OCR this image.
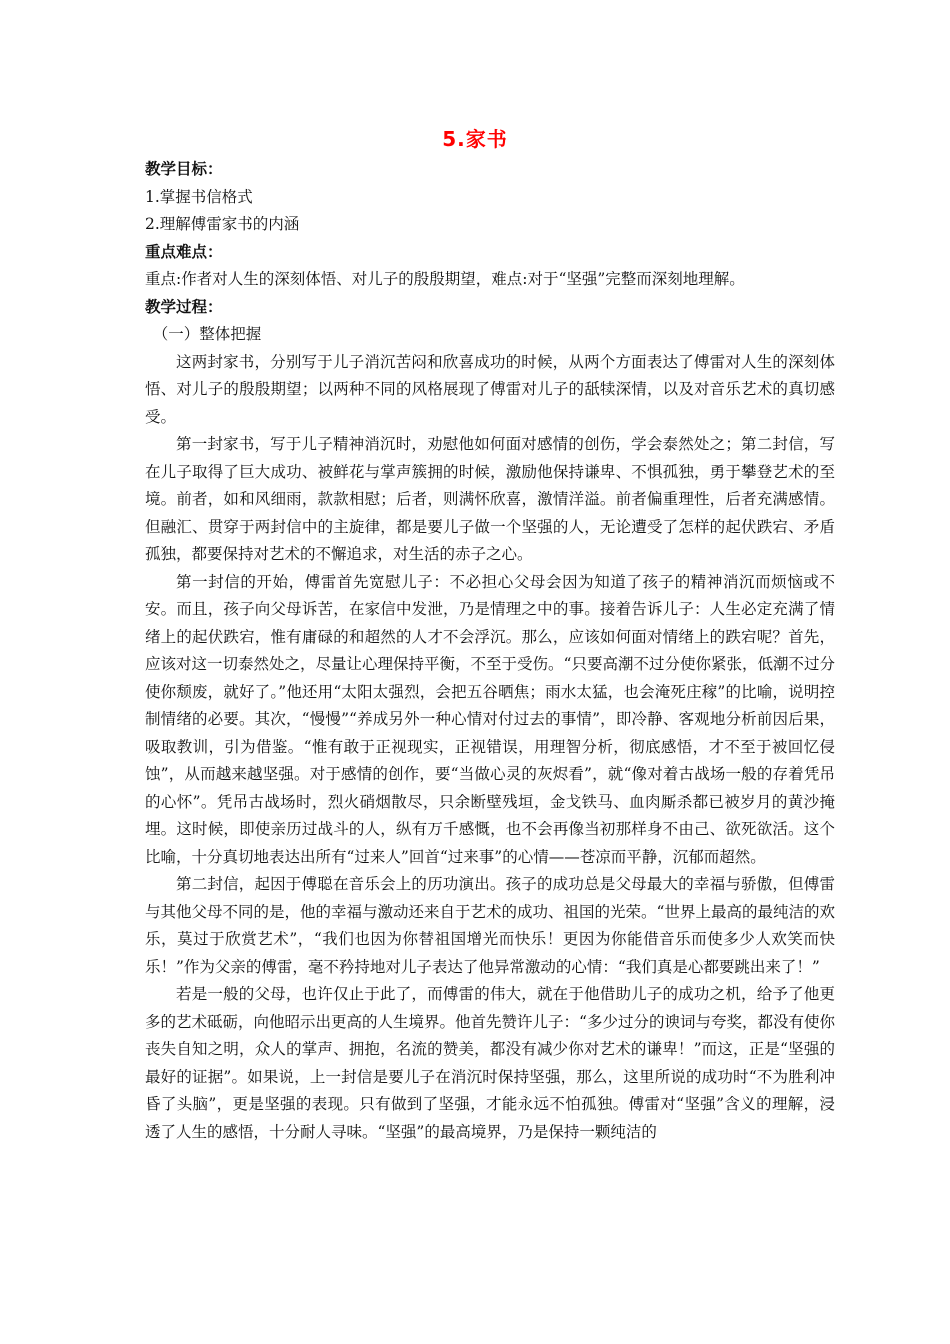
5.家书

教学目标：

1.掌握书信格式

2.理解傅雷家书的内涵

重点难点：

重点:作者对人生的深刻体悟、对儿子的殷殷期望，难点:对于“坚强”完整而深刻地理解。

教学过程：

（一）整体把握

这两封家书，分别写于儿子消沉苦闷和欣喜成功的时候，从两个方面表达了傅雷对人生的深刻体悟、对儿子的殷殷期望；以两种不同的风格展现了傅雷对儿子的舐犊深情，以及对音乐艺术的真切感受。

第一封家书，写于儿子精神消沉时，劝慰他如何面对感情的创伤，学会泰然处之；第二封信，写在儿子取得了巨大成功、被鲜花与掌声簇拥的时候，激励他保持谦卑、不惧孤独，勇于攀登艺术的至境。前者，如和风细雨，款款相慰；后者，则满怀欣喜，激情洋溢。前者偏重理性，后者充满感情。但融汇、贯穿于两封信中的主旋律，都是要儿子做一个坚强的人，无论遭受了怎样的起伏跌宕、矛盾孤独，都要保持对艺术的不懈追求，对生活的赤子之心。

第一封信的开始，傅雷首先宽慰儿子：不必担心父母会因为知道了孩子的精神消沉而烦恼或不安。而且，孩子向父母诉苦，在家信中发泄，乃是情理之中的事。接着告诉儿子：人生必定充满了情绪上的起伏跌宕，惟有庸碌的和超然的人才不会浮沉。那么，应该如何面对情绪上的跌宕呢？首先，应该对这一切泰然处之，尽量让心理保持平衡，不至于受伤。“只要高潮不过分使你紧张，低潮不过分使你颓废，就好了。”他还用“太阳太强烈，会把五谷晒焦；雨水太猛，也会淹死庄稼”的比喻，说明控制情绪的必要。其次，“慢慢”“养成另外一种心情对付过去的事情”，即冷静、客观地分析前因后果，吸取教训，引为借鉴。“惟有敢于正视现实，正视错误，用理智分析，彻底感悟，才不至于被回忆侵蚀”，从而越来越坚强。对于感情的创作，要“当做心灵的灰烬看”，就“像对着古战场一般的存着凭吊的心怀”。凭吊古战场时，烈火硝烟散尽，只余断壁残垣，金戈铁马、血肉厮杀都已被岁月的黄沙掩埋。这时候，即使亲历过战斗的人，纵有万千感慨，也不会再像当初那样身不由己、欲死欲活。这个比喻，十分真切地表达出所有“过来人”回首“过来事”的心情——苍凉而平静，沉郁而超然。

第二封信，起因于傅聪在音乐会上的历功演出。孩子的成功总是父母最大的幸福与骄傲，但傅雷与其他父母不同的是，他的幸福与激动还来自于艺术的成功、祖国的光荣。“世界上最高的最纯洁的欢乐，莫过于欣赏艺术”，“我们也因为你替祖国增光而快乐！更因为你能借音乐而使多少人欢笑而快乐！”作为父亲的傅雷，毫不矜持地对儿子表达了他异常激动的心情：“我们真是心都要跳出来了！”

若是一般的父母，也许仅止于此了，而傅雷的伟大，就在于他借助儿子的成功之机，给予了他更多的艺术砥砺，向他昭示出更高的人生境界。他首先赞许儿子：“多少过分的谀词与夸奖，都没有使你丧失自知之明，众人的掌声、拥抱，名流的赞美，都没有减少你对艺术的谦卑！”而这，正是“坚强的最好的证据”。如果说，上一封信是要儿子在消沉时保持坚强，那么，这里所说的成功时“不为胜利冲昏了头脑”，更是坚强的表现。只有做到了坚强，才能永远不怕孤独。傅雷对“坚强”含义的理解，浸透了人生的感悟，十分耐人寻味。“坚强”的最高境界，乃是保持一颗纯洁的
